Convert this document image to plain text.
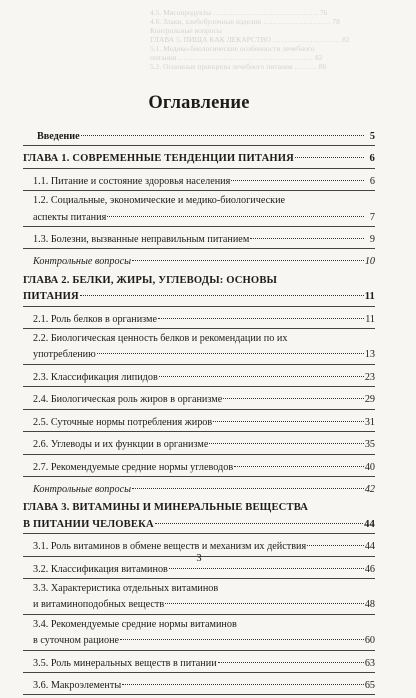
4.5. Мясопродукты …………………………………… 76
4.6. Злаки, хлебобулочные изделия ……………………… 78
Контрольные вопросы
ГЛАВА 5. ПИЩА КАК ЛЕКАРСТВО ……………………… 82
5.1. Медико-биологические особенности лечебного
питания ……………………………………………… 82
5.2. Основные принципы лечебного питания ……… 86
Оглавление
Введение	5
ГЛАВА 1. СОВРЕМЕННЫЕ ТЕНДЕНЦИИ ПИТАНИЯ	6
1.1. Питание и состояние здоровья населения	6
1.2. Социальные, экономические и медико-биологические
аспекты питания	7
1.3. Болезни, вызванные неправильным питанием	9
Контрольные вопросы	10
ГЛАВА 2. БЕЛКИ, ЖИРЫ, УГЛЕВОДЫ: ОСНОВЫ
ПИТАНИЯ	11
2.1. Роль белков в организме	11
2.2. Биологическая ценность белков и рекомендации по их
употреблению	13
2.3. Классификация липидов	23
2.4. Биологическая роль жиров в организме	29
2.5. Суточные нормы потребления жиров	31
2.6. Углеводы и их функции в организме	35
2.7. Рекомендуемые средние нормы углеводов	40
Контрольные вопросы	42
ГЛАВА 3. ВИТАМИНЫ И МИНЕРАЛЬНЫЕ ВЕЩЕСТВА
В ПИТАНИИ ЧЕЛОВЕКА	44
3.1. Роль витаминов в обмене веществ и механизм их действия	44
3.2. Классификация витаминов	46
3.3. Характеристика отдельных витаминов
и витаминоподобных веществ	48
3.4. Рекомендуемые средние нормы витаминов
в суточном рационе	60
3.5. Роль минеральных веществ в питании	63
3.6. Макроэлементы	65
3
